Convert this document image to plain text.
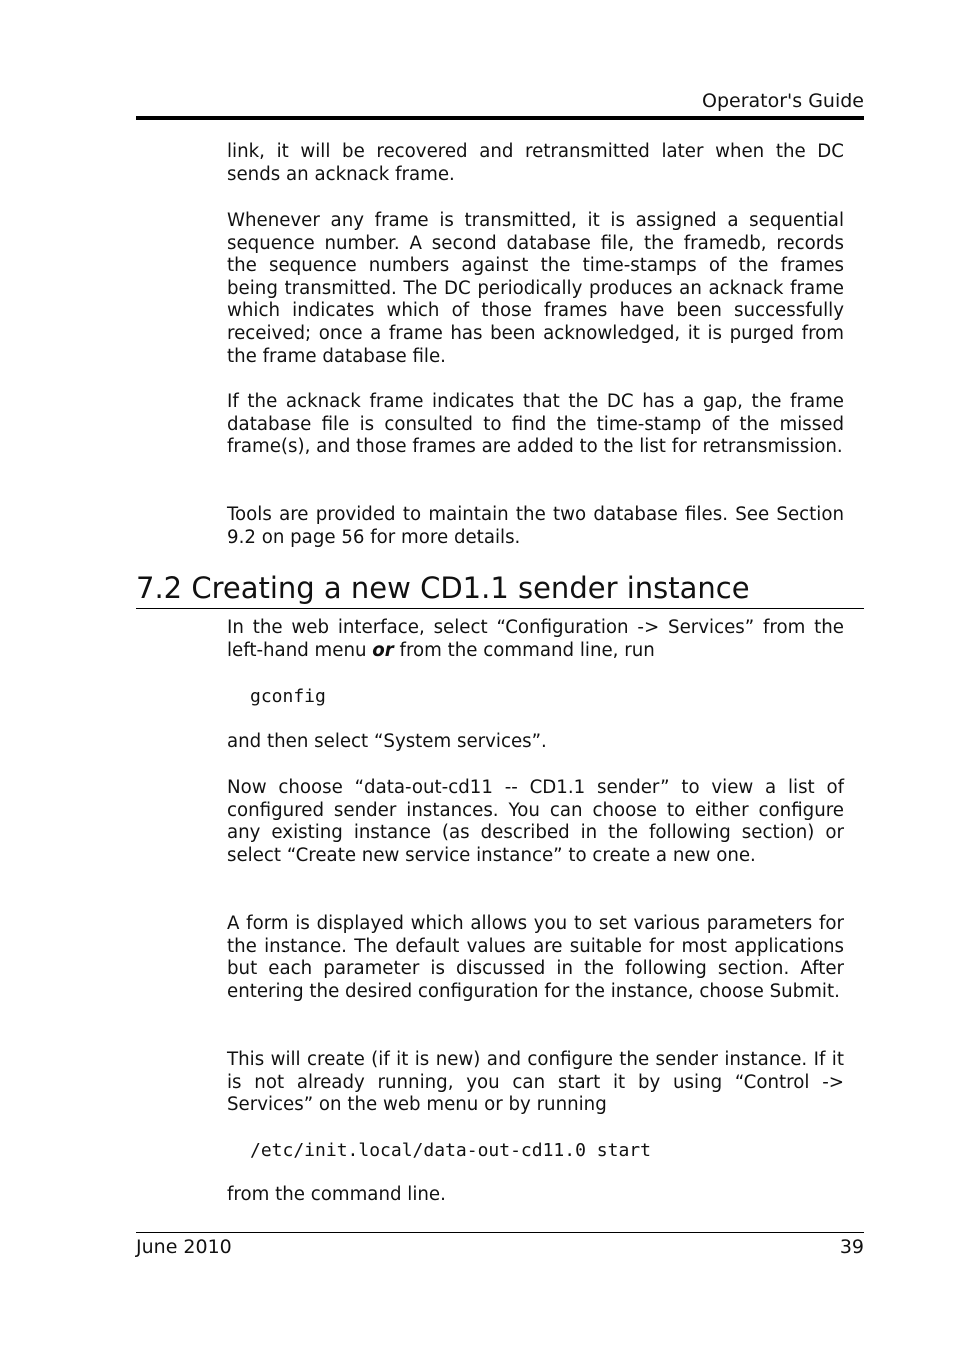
Operator's Guide

link, it will be recovered and retransmitted later when the DC sends an acknack frame.

Whenever any frame is transmitted, it is assigned a sequential sequence number. A second database file, the framedb, records the sequence numbers against the time-stamps of the frames being transmitted. The DC periodically produces an acknack frame which indicates which of those frames have been successfully received; once a frame has been acknowledged, it is purged from the frame database file.

If the acknack frame indicates that the DC has a gap, the frame database file is consulted to find the time-stamp of the missed frame(s), and those frames are added to the list for retransmission.

Tools are provided to maintain the two database files. See Section 9.2 on page 56 for more details.

7.2 Creating a new CD1.1 sender instance

In the web interface, select “Configuration -> Services” from the left-hand menu or from the command line, run

gconfig

and then select “System services”.

Now choose “data-out-cd11 -- CD1.1 sender” to view a list of configured sender instances. You can choose to either configure any existing instance (as described in the following section) or select “Create new service instance” to create a new one.

A form is displayed which allows you to set various parameters for the instance. The default values are suitable for most applications but each parameter is discussed in the following section. After entering the desired configuration for the instance, choose Submit.

This will create (if it is new) and configure the sender instance. If it is not already running, you can start it by using “Control -> Services” on the web menu or by running

/etc/init.local/data-out-cd11.0 start

from the command line.

June 2010	39
